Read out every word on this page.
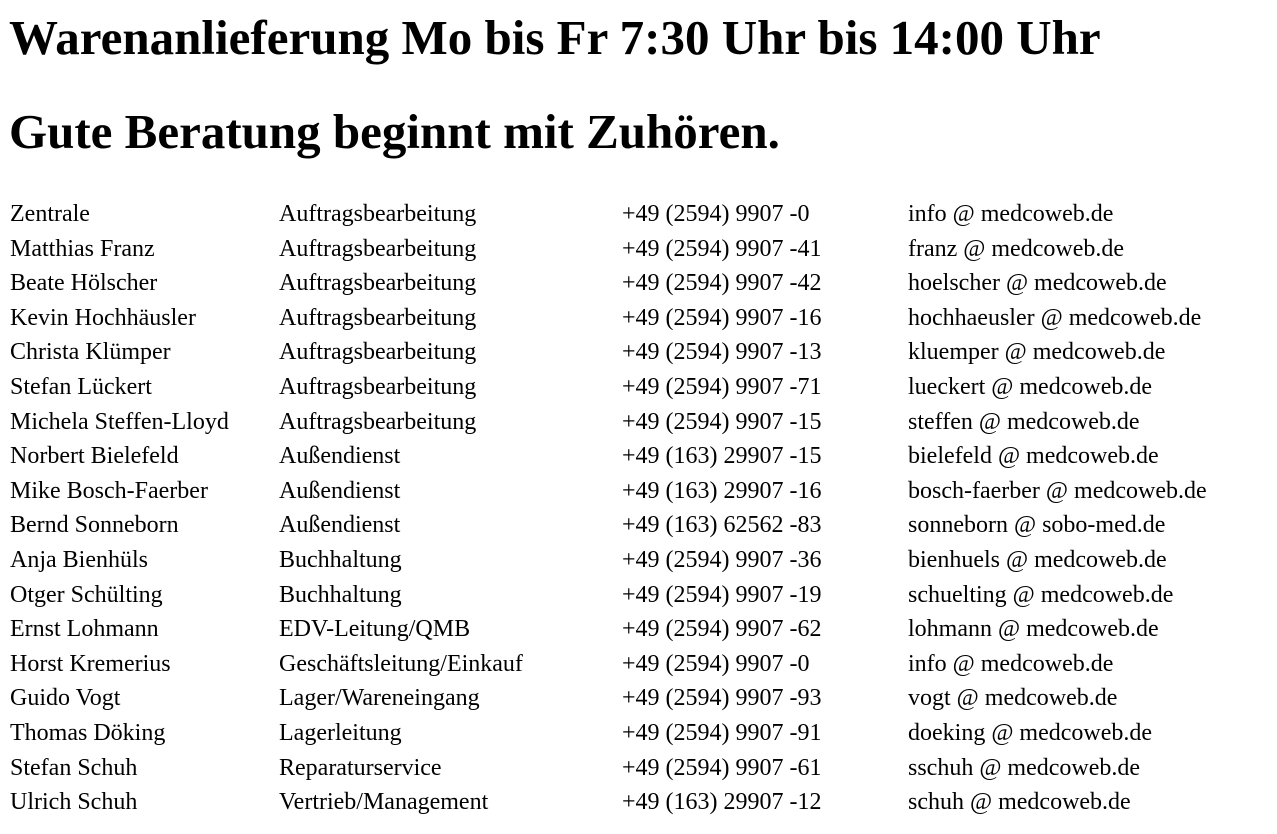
Warenanlieferung Mo bis Fr 7:30 Uhr bis 14:00 Uhr
Gute Beratung beginnt mit Zuhören.
Zentrale	Auftragsbearbeitung	+49 (2594) 9907 -0	info @ medcoweb.de
Matthias Franz	Auftragsbearbeitung	+49 (2594) 9907 -41	franz @ medcoweb.de
Beate Hölscher	Auftragsbearbeitung	+49 (2594) 9907 -42	hoelscher @ medcoweb.de
Kevin Hochhäusler	Auftragsbearbeitung	+49 (2594) 9907 -16	hochhaeusler @ medcoweb.de
Christa Klümper	Auftragsbearbeitung	+49 (2594) 9907 -13	kluemper @ medcoweb.de
Stefan Lückert	Auftragsbearbeitung	+49 (2594) 9907 -71	lueckert @ medcoweb.de
Michela Steffen-Lloyd	Auftragsbearbeitung	+49 (2594) 9907 -15	steffen @ medcoweb.de
Norbert Bielefeld	Außendienst	+49 (163) 29907 -15	bielefeld @ medcoweb.de
Mike Bosch-Faerber	Außendienst	+49 (163) 29907 -16	bosch-faerber @ medcoweb.de
Bernd Sonneborn	Außendienst	+49 (163) 62562 -83	sonneborn @ sobo-med.de
Anja Bienhüls	Buchhaltung	+49 (2594) 9907 -36	bienhuels @ medcoweb.de
Otger Schülting	Buchhaltung	+49 (2594) 9907 -19	schuelting @ medcoweb.de
Ernst Lohmann	EDV-Leitung/QMB	+49 (2594) 9907 -62	lohmann @ medcoweb.de
Horst Kremerius	Geschäftsleitung/Einkauf	+49 (2594) 9907 -0	info @ medcoweb.de
Guido Vogt	Lager/Wareneingang	+49 (2594) 9907 -93	vogt @ medcoweb.de
Thomas Döking	Lagerleitung	+49 (2594) 9907 -91	doeking @ medcoweb.de
Stefan Schuh	Reparaturservice	+49 (2594) 9907 -61	sschuh @ medcoweb.de
Ulrich Schuh	Vertrieb/Management	+49 (163) 29907 -12	schuh @ medcoweb.de
